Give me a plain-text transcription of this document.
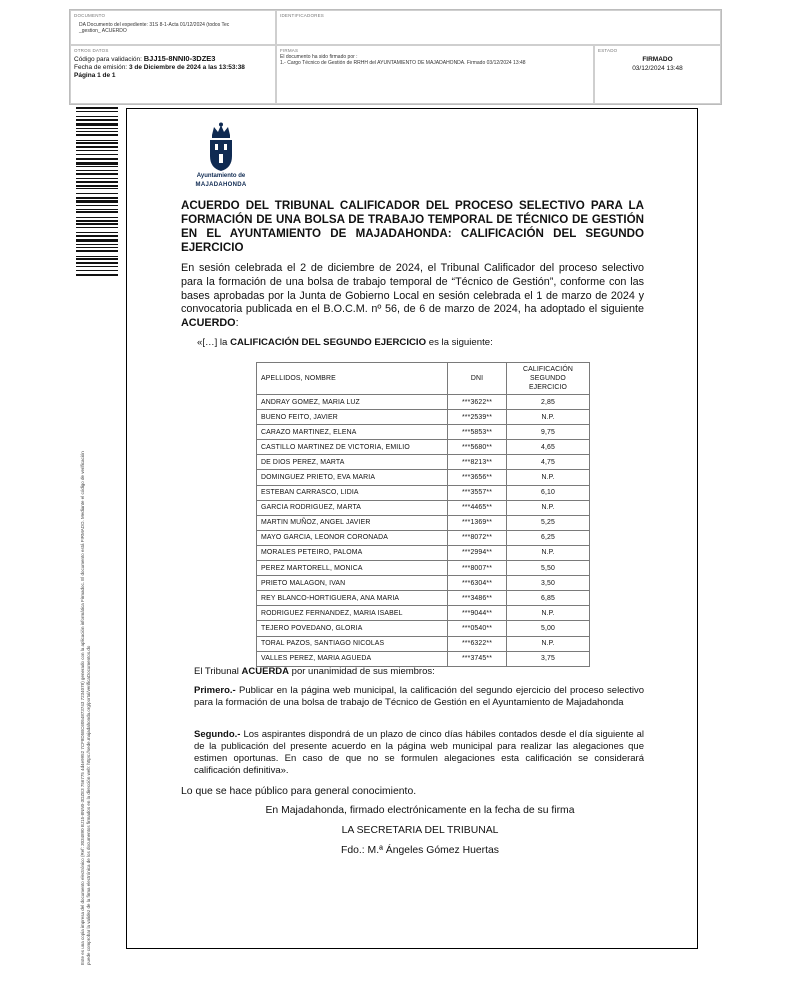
DOCUMENTO
DA Documento del expediente: 31S 8-1-Acta 01/12/2024 (todos Tec
_gestion_ ACUERDO
IDENTIFICADORES
OTROS DATOS
Código para validación: BJJ15-8NNI0-3DZE3
Fecha de emisión: 3 de Diciembre de 2024 a las 13:53:38
Página 1 de 1
FIRMAS
El documento ha sido firmado por :
1.- Cargo Técnico de Gestión de RRHH del AYUNTAMIENTO DE MAJADAHONDA. Firmado 03/12/2024 13:48
ESTADO
FIRMADO
03/12/2024 13:48
Este es una copia impresa del documento electrónico (Ref: 3034890 BJ15-8NN0-3DZE3 756775 4d4e9952 7CF8D5BC6054873743 7234078) generado con la aplicación informática Firmadoc. El documento está FIRMADO. Mediante el código de verificación puede comprobar la validez de la firma electrónica de los documentos firmados en la dirección web: https://sede.majadahonda.org/portal/verificaDocumentos.do
Ayuntamiento de
MAJADAHONDA
ACUERDO DEL TRIBUNAL CALIFICADOR DEL PROCESO SELECTIVO PARA LA FORMACIÓN DE UNA BOLSA DE TRABAJO TEMPORAL DE TÉCNICO DE GESTIÓN EN EL AYUNTAMIENTO DE MAJADAHONDA: CALIFICACIÓN DEL SEGUNDO EJERCICIO
En sesión celebrada el 2 de diciembre de 2024, el Tribunal Calificador del proceso selectivo para la formación de una bolsa de trabajo temporal de “Técnico de Gestión”, conforme con las bases aprobadas por la Junta de Gobierno Local en sesión celebrada el 1 de marzo de 2024 y convocatoria publicada en el B.O.C.M. nº 56, de 6 de marzo de 2024, ha adoptado el siguiente ACUERDO:
«[…] la CALIFICACIÓN DEL SEGUNDO EJERCICIO es la siguiente:
APELLIDOS, NOMBRE	DNI	CALIFICACIÓN SEGUNDO EJERCICIO
ANDRAY GOMEZ, MARIA LUZ	***3622**	2,85
BUENO FEITO, JAVIER	***2539**	N.P.
CARAZO MARTINEZ, ELENA	***5853**	9,75
CASTILLO MARTINEZ DE VICTORIA, EMILIO	***5680**	4,65
DE DIOS PEREZ, MARTA	***8213**	4,75
DOMINGUEZ PRIETO, EVA MARIA	***3656**	N.P.
ESTEBAN CARRASCO, LIDIA	***3557**	6,10
GARCIA RODRIGUEZ, MARTA	***4465**	N.P.
MARTIN MUÑOZ, ANGEL JAVIER	***1369**	5,25
MAYO GARCIA, LEONOR CORONADA	***8072**	6,25
MORALES PETEIRO, PALOMA	***2994**	N.P.
PEREZ MARTORELL, MONICA	***8007**	5,50
PRIETO MALAGON, IVAN	***6304**	3,50
REY BLANCO-HORTIGUERA, ANA MARIA	***3486**	6,85
RODRIGUEZ FERNANDEZ, MARIA ISABEL	***9044**	N.P.
TEJERO POVEDANO, GLORIA	***0540**	5,00
TORAL PAZOS, SANTIAGO NICOLAS	***6322**	N.P.
VALLES PEREZ, MARIA AGUEDA	***3745**	3,75
El Tribunal ACUERDA por unanimidad de sus miembros:
Primero.- Publicar en la página web municipal, la calificación del segundo ejercicio del proceso selectivo para la formación de una bolsa de trabajo de Técnico de Gestión en el Ayuntamiento de Majadahonda
Segundo.- Los aspirantes dispondrá de un plazo de cinco días hábiles contados desde el día siguiente al de la publicación del presente acuerdo en la página web municipal para realizar las alegaciones que estimen oportunas. En caso de que no se formulen alegaciones esta calificación se considerará calificación definitiva».
Lo que se hace público para general conocimiento.
En Majadahonda, firmado electrónicamente en la fecha de su firma
LA SECRETARIA DEL TRIBUNAL
Fdo.: M.ª Ángeles Gómez Huertas
